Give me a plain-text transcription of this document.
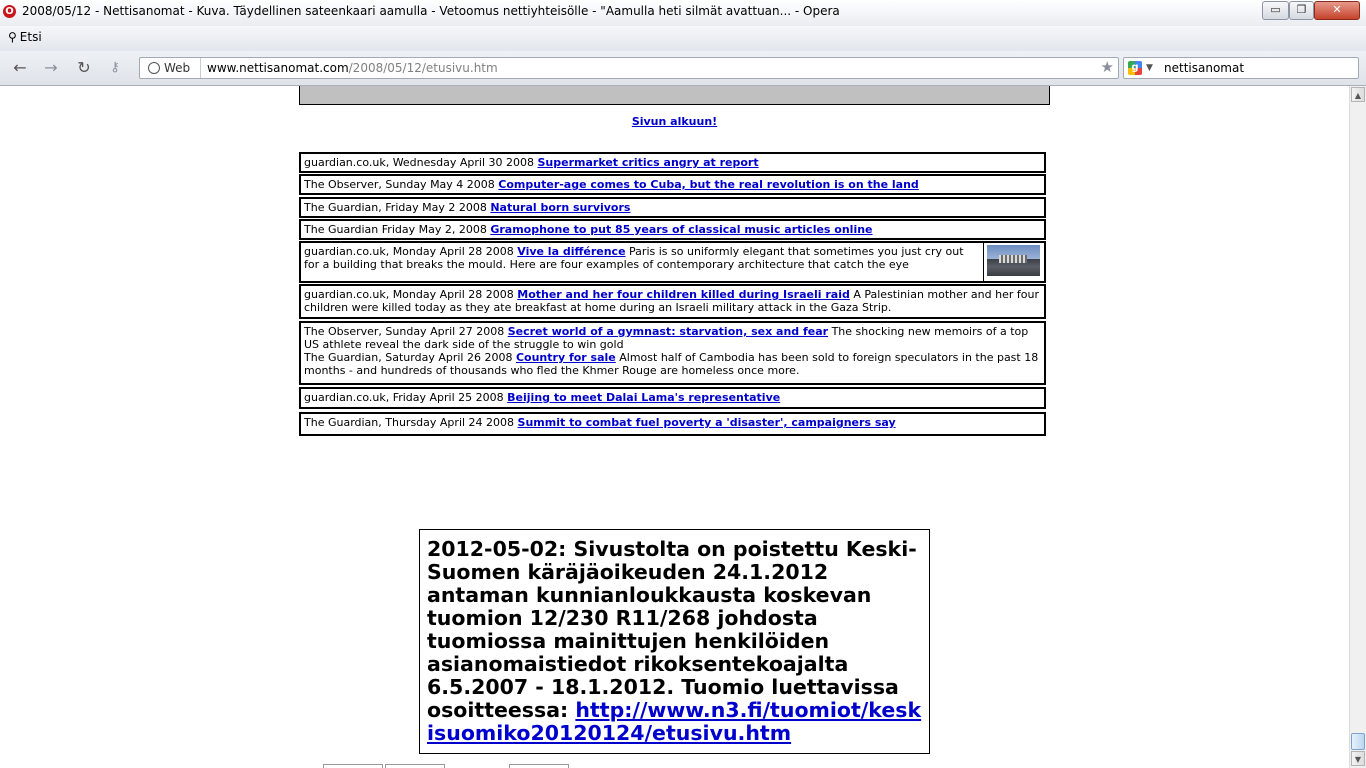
O 2008/05/12 - Nettisanomat - Kuva. Täydellinen sateenkaari aamulla - Vetoomus nettiyhteisölle - "Aamulla heti silmät avattuan... - Opera	▭	❐	✕
⚲ Etsi
← → ↻	⚷	Web	www.nettisanomat.com/2008/05/12/etusivu.htm	★	g ▼ nettisanomat
Sivun alkuun!
guardian.co.uk, Wednesday April 30 2008 Supermarket critics angry at report
The Observer, Sunday May 4 2008 Computer-age comes to Cuba, but the real revolution is on the land
The Guardian, Friday May 2 2008 Natural born survivors
The Guardian Friday May 2, 2008 Gramophone to put 85 years of classical music articles online
guardian.co.uk, Monday April 28 2008 Vive la différence Paris is so uniformly elegant that sometimes you just cry out for a building that breaks the mould. Here are four examples of contemporary architecture that catch the eye
guardian.co.uk, Monday April 28 2008 Mother and her four children killed during Israeli raid A Palestinian mother and her four children were killed today as they ate breakfast at home during an Israeli military attack in the Gaza Strip.
The Observer, Sunday April 27 2008 Secret world of a gymnast: starvation, sex and fear The shocking new memoirs of a top US athlete reveal the dark side of the struggle to win gold
The Guardian, Saturday April 26 2008 Country for sale Almost half of Cambodia has been sold to foreign speculators in the past 18 months - and hundreds of thousands who fled the Khmer Rouge are homeless once more.
guardian.co.uk, Friday April 25 2008 Beijing to meet Dalai Lama's representative
The Guardian, Thursday April 24 2008 Summit to combat fuel poverty a 'disaster', campaigners say
2012-05-02: Sivustolta on poistettu Keski-Suomen käräjäoikeuden 24.1.2012 antaman kunnianloukkausta koskevan tuomion 12/230 R11/268 johdosta tuomiossa mainittujen henkilöiden asianomaistiedot rikoksentekoajalta 6.5.2007 - 18.1.2012. Tuomio luettavissa osoitteessa: http://www.n3.fi/tuomiot/keskisuomiko20120124/etusivu.htm
▲
▼
